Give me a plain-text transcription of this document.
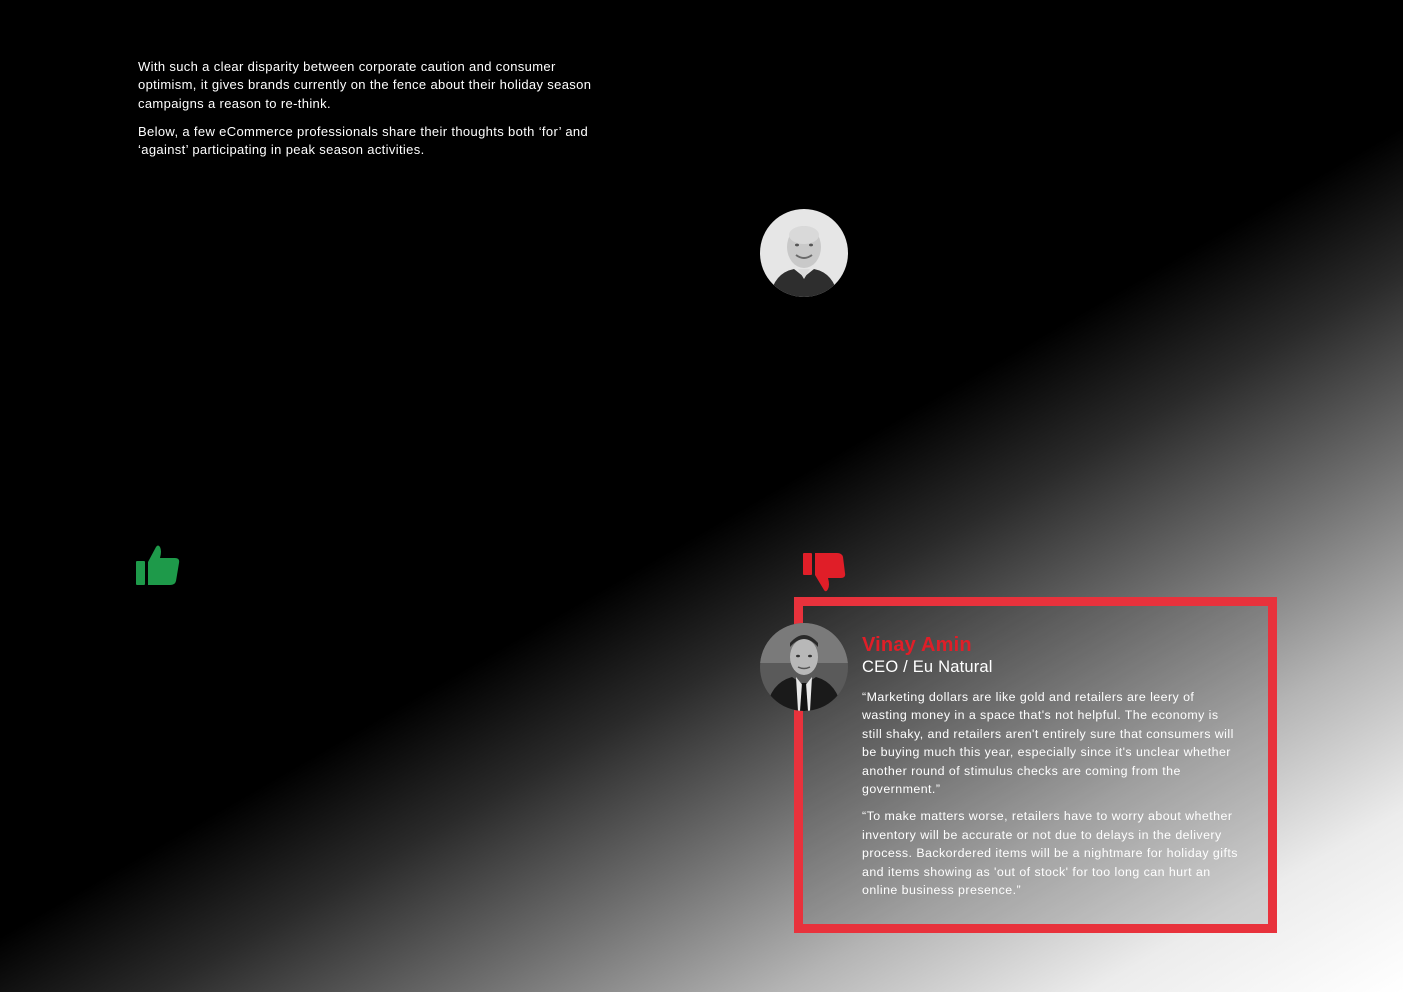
With such a clear disparity between corporate caution and consumer optimism, it gives brands currently on the fence about their holiday season campaigns a reason to re-think.

Below, a few eCommerce professionals share their thoughts both ‘for’ and ‘against’ participating in peak season activities.

Vinay Amin
CEO / Eu Natural

“Marketing dollars are like gold and retailers are leery of wasting money in a space that's not helpful. The economy is still shaky, and retailers aren't entirely sure that consumers will be buying much this year, especially since it's unclear whether another round of stimulus checks are coming from the government.”

“To make matters worse, retailers have to worry about whether inventory will be accurate or not due to delays in the delivery process. Backordered items will be a nightmare for holiday gifts and items showing as 'out of stock' for too long can hurt an online business presence.”
